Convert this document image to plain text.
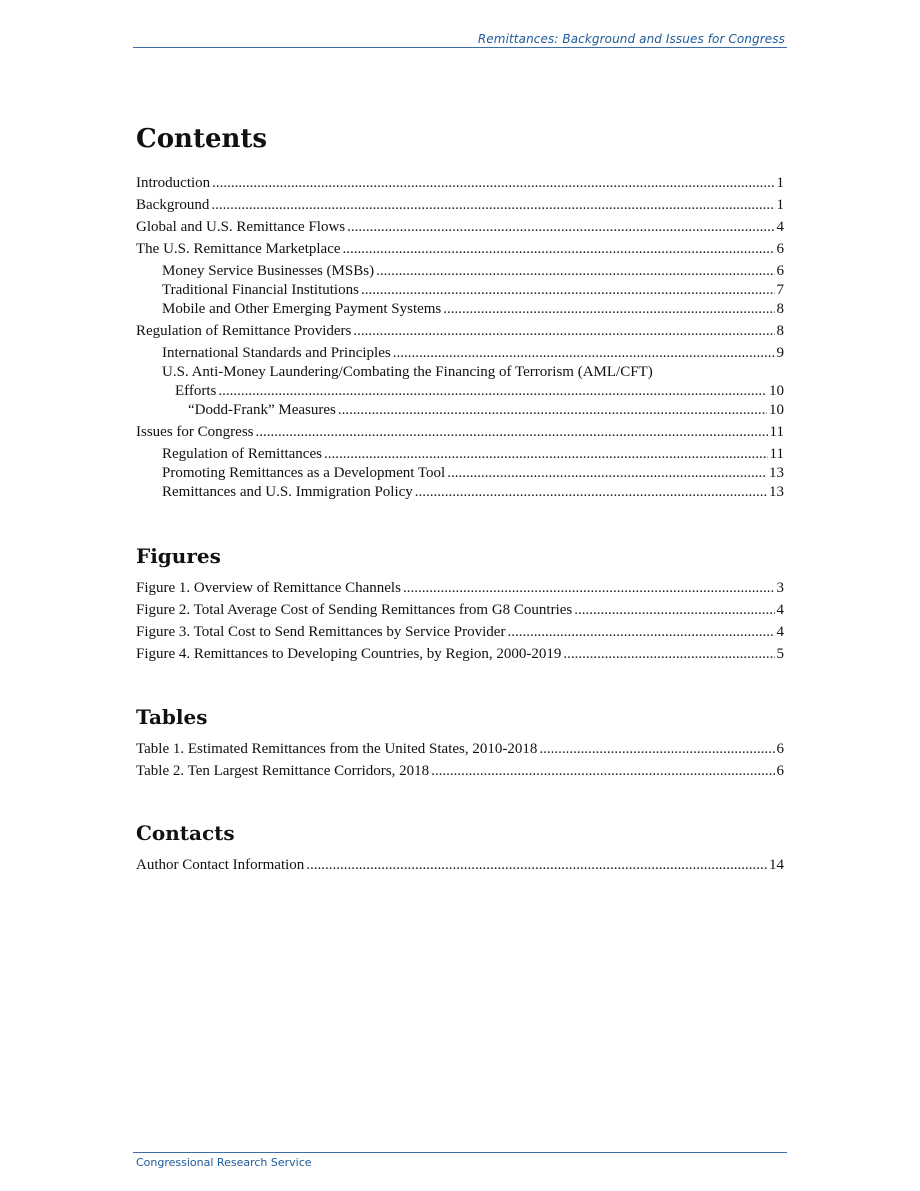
Remittances: Background and Issues for Congress
Contents
Introduction .....	1
Background .....	1
Global and U.S. Remittance Flows .....	4
The U.S. Remittance Marketplace .....	6
Money Service Businesses (MSBs) .....	6
Traditional Financial Institutions .....	7
Mobile and Other Emerging Payment Systems .....	8
Regulation of Remittance Providers .....	8
International Standards and Principles .....	9
U.S. Anti-Money Laundering/Combating the Financing of Terrorism (AML/CFT)
Efforts .....	10
“Dodd-Frank” Measures .....	10
Issues for Congress .....	11
Regulation of Remittances .....	11
Promoting Remittances as a Development Tool .....	13
Remittances and U.S. Immigration Policy .....	13
Figures
Figure 1. Overview of Remittance Channels .....	3
Figure 2. Total Average Cost of Sending Remittances from G8 Countries .....	4
Figure 3. Total Cost to Send Remittances by Service Provider .....	4
Figure 4. Remittances to Developing Countries, by Region, 2000-2019 .....	5
Tables
Table 1. Estimated Remittances from the United States, 2010-2018 .....	6
Table 2. Ten Largest Remittance Corridors, 2018 .....	6
Contacts
Author Contact Information .....	14
Congressional Research Service
